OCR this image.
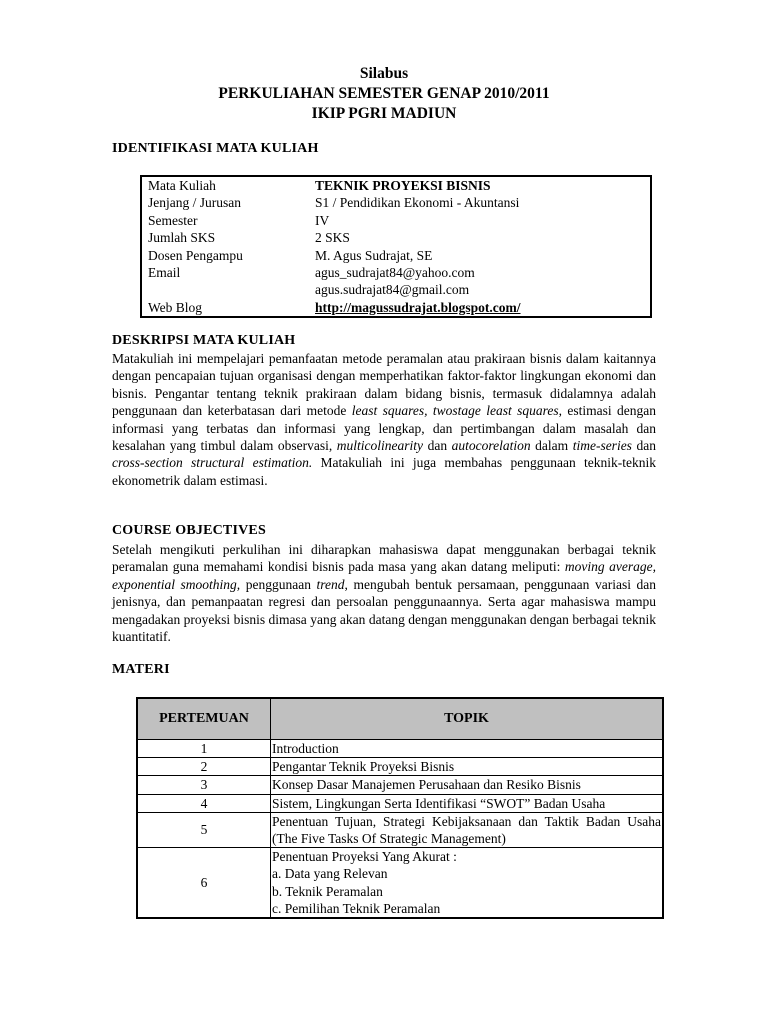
Silabus
PERKULIAHAN SEMESTER GENAP 2010/2011
IKIP PGRI MADIUN
IDENTIFIKASI MATA KULIAH
Mata Kuliah	TEKNIK PROYEKSI BISNIS
Jenjang / Jurusan	S1 / Pendidikan Ekonomi - Akuntansi
Semester	IV
Jumlah SKS	2 SKS
Dosen Pengampu	M. Agus Sudrajat, SE
Email	agus_sudrajat84@yahoo.com
	agus.sudrajat84@gmail.com
Web Blog	http://magussudrajat.blogspot.com/
DESKRIPSI MATA KULIAH
Matakuliah ini mempelajari pemanfaatan metode peramalan atau prakiraan bisnis dalam kaitannya dengan pencapaian tujuan organisasi dengan memperhatikan faktor-faktor lingkungan ekonomi dan bisnis. Pengantar tentang teknik prakiraan dalam bidang bisnis, termasuk didalamnya adalah penggunaan dan keterbatasan dari metode least squares, twostage least squares, estimasi dengan informasi yang terbatas dan informasi yang lengkap, dan pertimbangan dalam masalah dan kesalahan yang timbul dalam observasi, multicolinearity dan autocorelation dalam time-series dan cross-section structural estimation. Matakuliah ini juga membahas penggunaan teknik-teknik ekonometrik dalam estimasi.
COURSE OBJECTIVES
Setelah mengikuti perkulihan ini diharapkan mahasiswa dapat menggunakan berbagai teknik peramalan guna memahami kondisi bisnis pada masa yang akan datang meliputi: moving average, exponential smoothing, penggunaan trend, mengubah bentuk persamaan, penggunaan variasi dan jenisnya, dan pemanpaatan regresi dan persoalan penggunaannya. Serta agar mahasiswa mampu mengadakan proyeksi bisnis dimasa yang akan datang dengan menggunakan dengan berbagai teknik kuantitatif.
MATERI
PERTEMUAN	TOPIK
1	Introduction
2	Pengantar Teknik Proyeksi Bisnis
3	Konsep Dasar Manajemen Perusahaan dan Resiko Bisnis
4	Sistem, Lingkungan Serta Identifikasi “SWOT” Badan Usaha
5	Penentuan Tujuan, Strategi Kebijaksanaan dan Taktik Badan Usaha (The Five Tasks Of Strategic Management)
6	Penentuan Proyeksi Yang Akurat :
a. Data yang Relevan
b. Teknik Peramalan
c. Pemilihan Teknik Peramalan
